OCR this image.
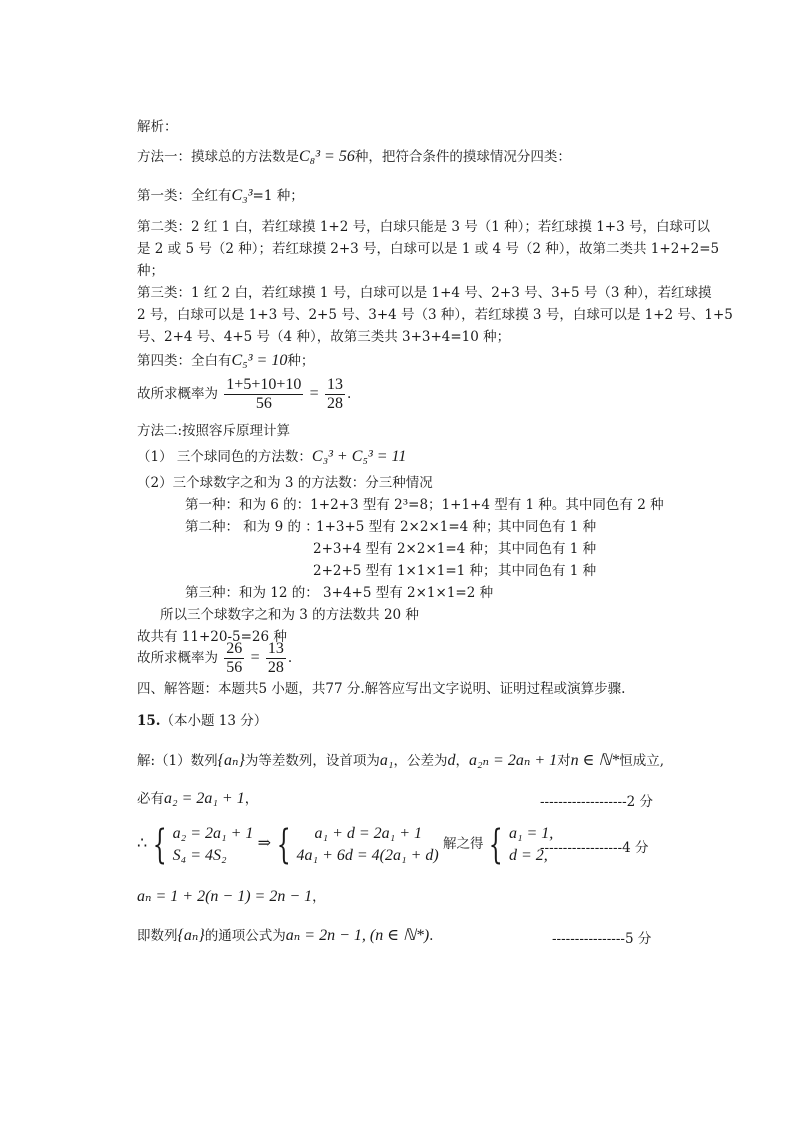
解析：
方法一：摸球总的方法数是C₈³ = 56种，把符合条件的摸球情况分四类：
第一类：全红有C₃³=1 种；
第二类：2 红 1 白，若红球摸 1+2 号，白球只能是 3 号（1 种）；若红球摸 1+3 号，白球可以
是 2 或 5 号（2 种）；若红球摸 2+3 号，白球可以是 1 或 4 号（2 种），故第二类共 1+2+2=5
种；
第三类：1 红 2 白，若红球摸 1 号，白球可以是 1+4 号、2+3 号、3+5 号（3 种），若红球摸
2 号，白球可以是 1+3 号、2+5 号、3+4 号（3 种），若红球摸 3 号，白球可以是 1+2 号、1+5
号、2+4 号、4+5 号（4 种），故第三类共 3+3+4=10 种；
第四类：全白有C₅³ = 10种；
故所求概率为 $\frac{1+5+10+10}{56} = \frac{13}{28}$ .
方法二:按照容斥原理计算
（1） 三个球同色的方法数：C₃³ + C₅³ = 11
（2）三个球数字之和为 3 的方法数：分三种情况
第一种：和为 6 的：1+2+3 型有 2³=8；1+1+4 型有 1 种。其中同色有 2 种
第二种： 和为 9 的 ：
1+3+5 型有 2×2×1=4 种；
其中同色有 1 种
2+3+4 型有 2×2×1=4 种； 其中同色有 1 种
2+2+5 型有 1×1×1=1 种； 其中同色有 1 种
第三种：和为 12 的： 3+4+5 型有 2×1×1=2 种
所以三个球数字之和为 3 的方法数共 20 种
故共有 11+20-5=26 种
故所求概率为 $\frac{26}{56} = \frac{13}{28}$ .
四、解答题：本题共5 小题，共77 分.解答应写出文字说明、证明过程或演算步骤.
15.（本小题 13 分）
解:（1）数列{aₙ}为等差数列，设首项为a₁，公差为d，a₂ₙ = 2aₙ + 1对n ∈ ℕ*恒成立,
必有a₂ = 2a₁ + 1，	-------------------2 分
∴ { a₂ = 2a₁ + 1
S₄ = 4S₂
⇒ {	a₁ + d = 2a₁ + 1
4a₁ + 6d = 4(2a₁ + d)
解之得 { a₁ = 1,
d = 2,
------------------4 分
aₙ = 1 + 2(n − 1) = 2n − 1，
即数列{aₙ}的通项公式为aₙ = 2n − 1, (n ∈ ℕ*).	----------------5 分
